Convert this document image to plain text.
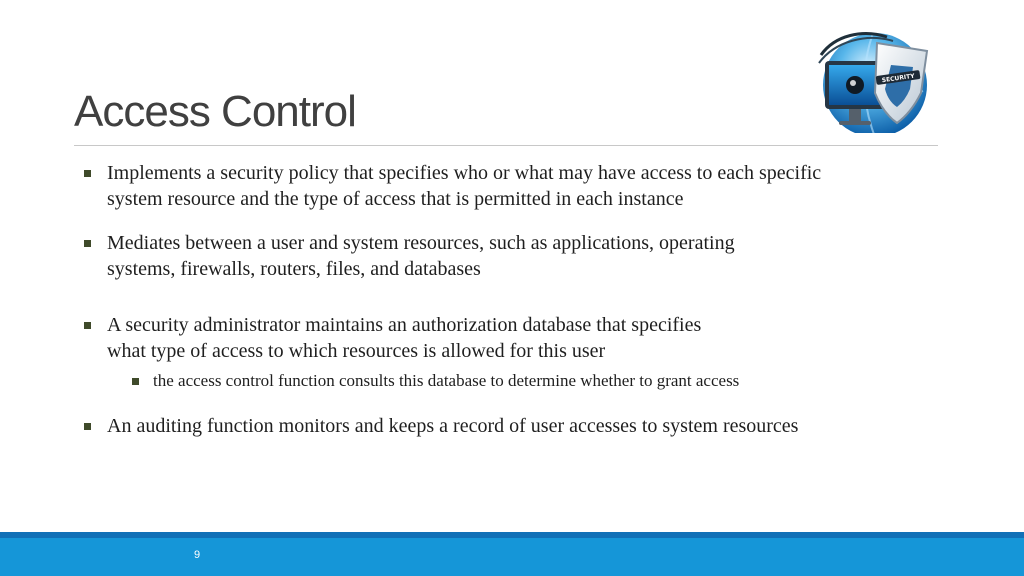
Access Control
SECURITY
Implements a security policy that specifies who or what may have access to each specific
system resource and the type of access that is permitted in each instance
Mediates between a user and system resources, such as applications, operating
systems, firewalls, routers, files, and databases
A security administrator maintains an authorization database that specifies
what type of access to which resources is allowed for this user
the access control function consults this database to determine whether to grant access
An auditing function monitors and keeps a record of user accesses to system resources
9
